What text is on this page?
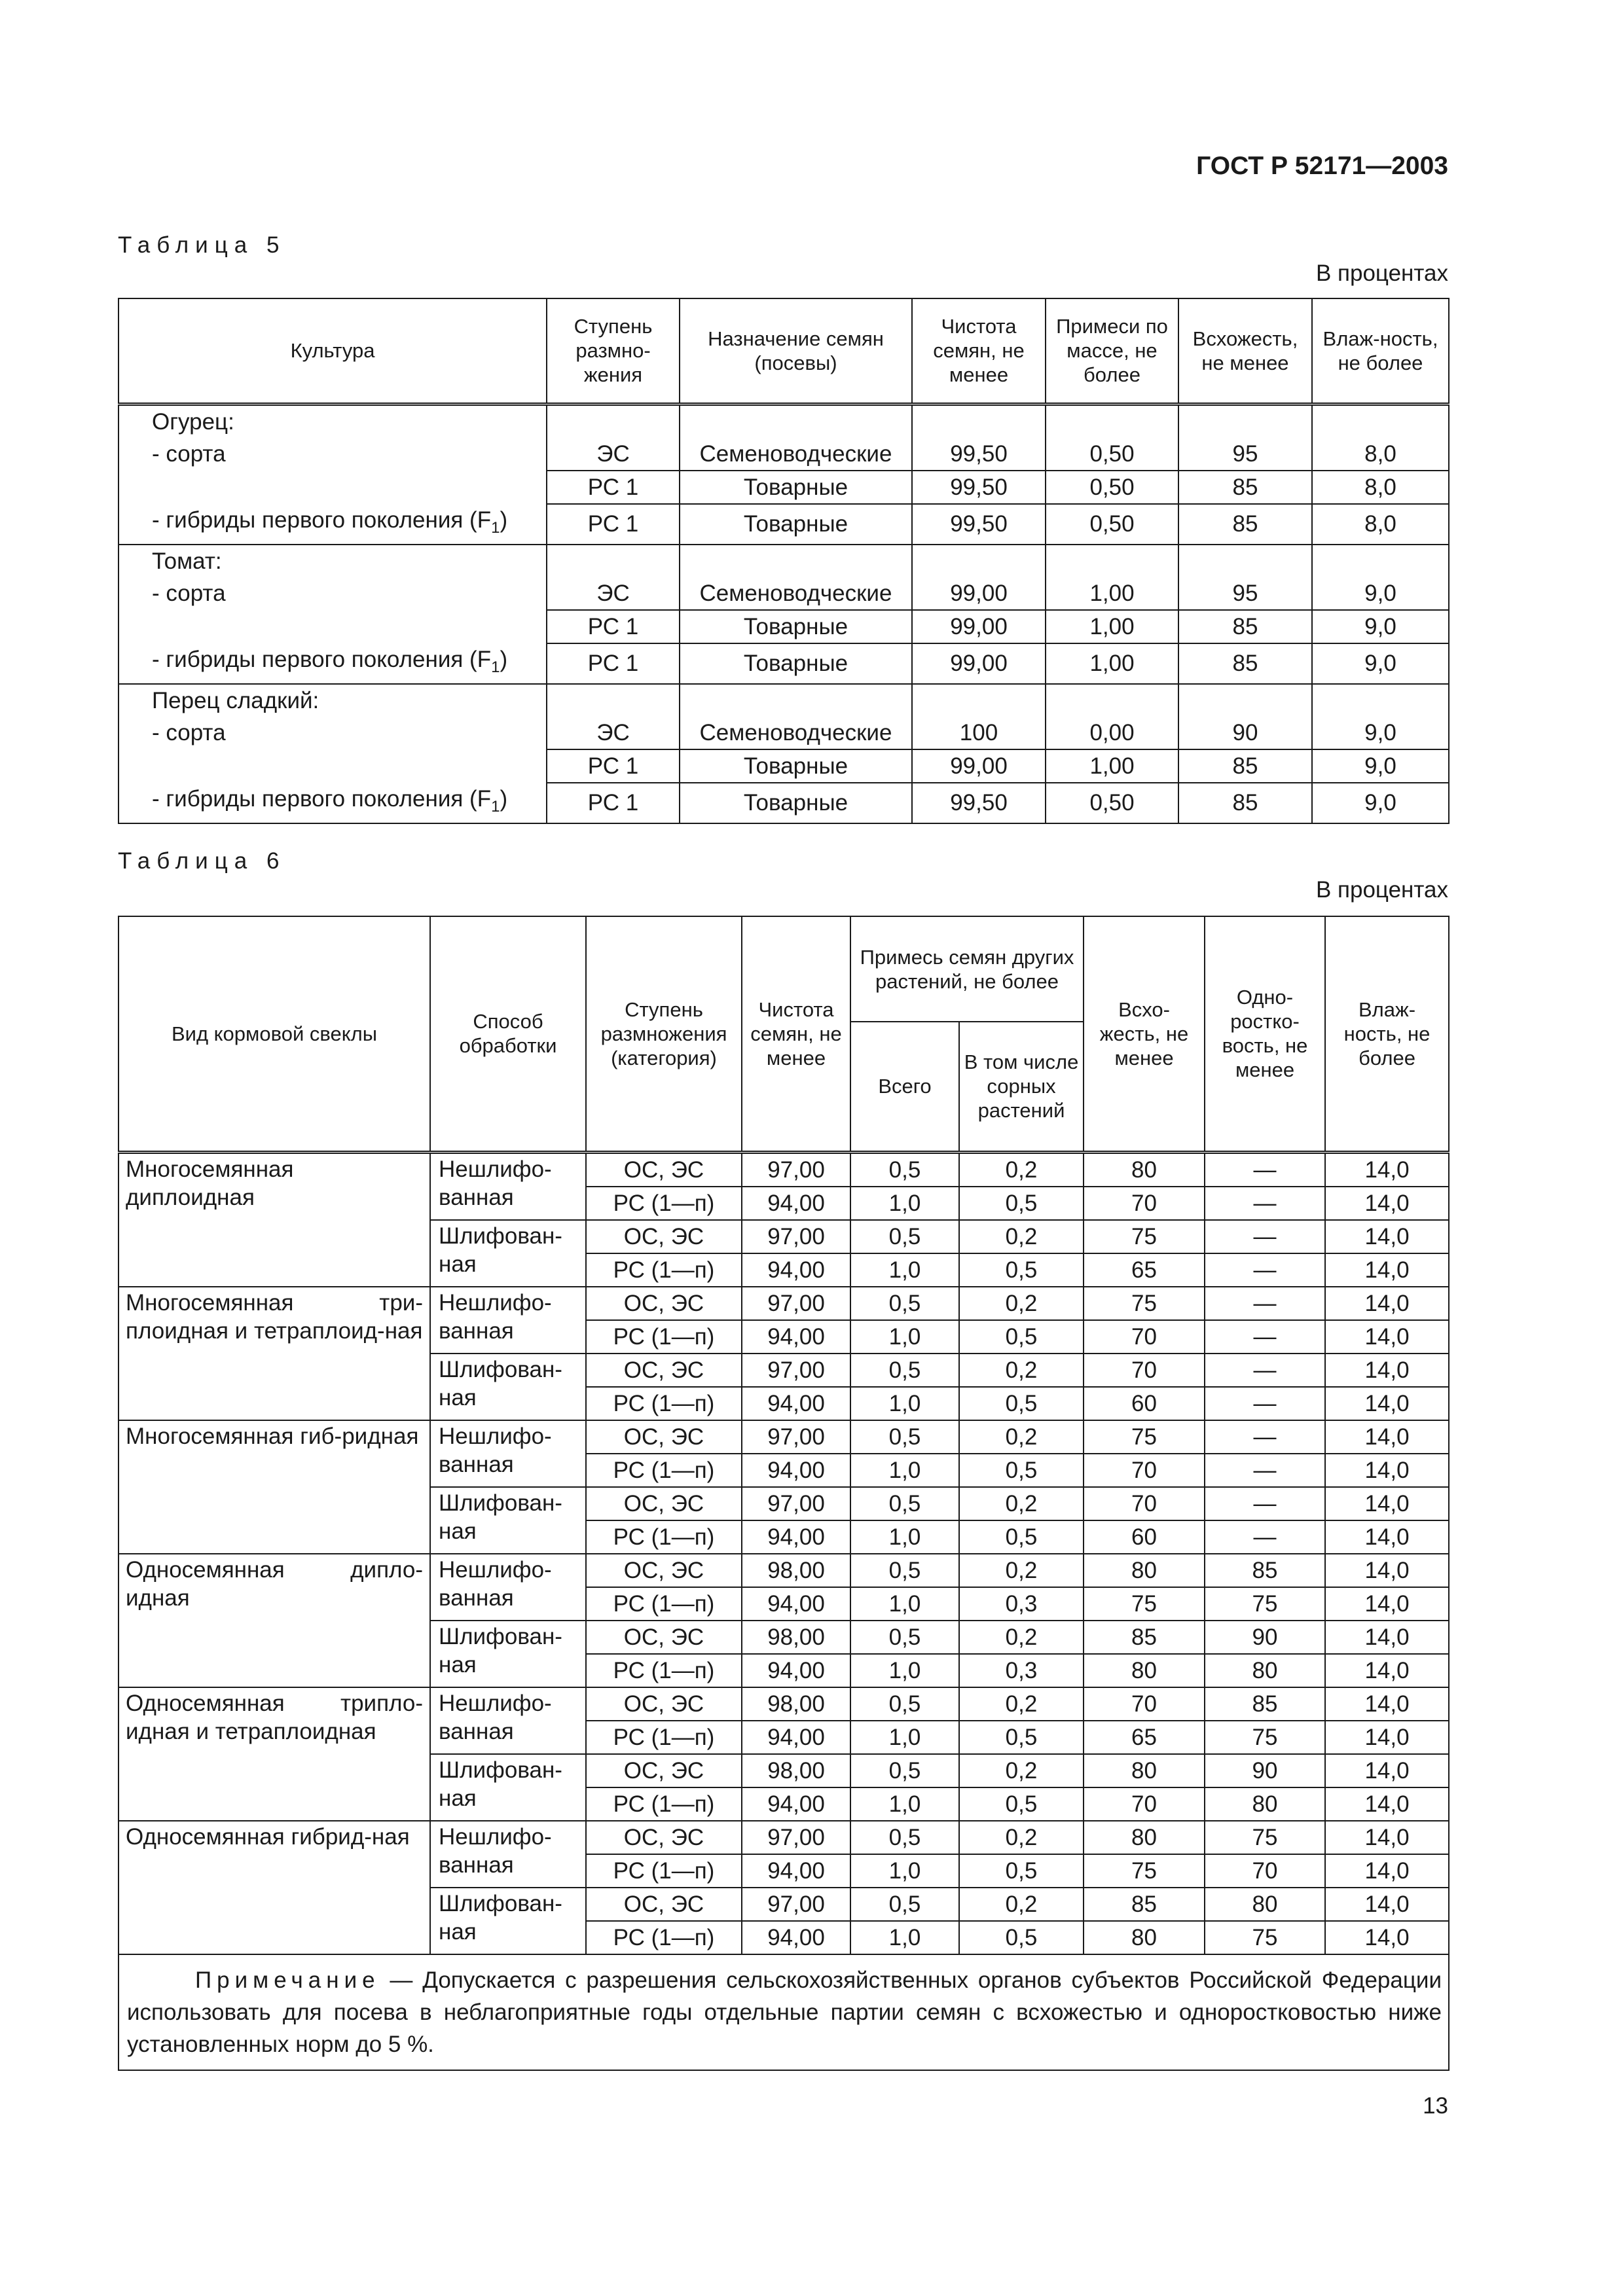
ГОСТ Р 52171—2003
Таблица 5
В процентах
Культура	Ступень размно-жения	Назначение семян (посевы)	Чистота семян, не менее	Примеси по массе, не более	Всхожесть, не менее	Влаж-ность, не более
Огурец:						
- сорта	ЭС	Семеноводческие	99,50	0,50	95	8,0
	РС 1	Товарные	99,50	0,50	85	8,0
- гибриды первого поколения $(F_1)$	РС 1	Товарные	99,50	0,50	85	8,0
Томат:						
- сорта	ЭС	Семеноводческие	99,00	1,00	95	9,0
	РС 1	Товарные	99,00	1,00	85	9,0
- гибриды первого поколения $(F_1)$	РС 1	Товарные	99,00	1,00	85	9,0
Перец сладкий:						
- сорта	ЭС	Семеноводческие	100	0,00	90	9,0
	РС 1	Товарные	99,00	1,00	85	9,0
- гибриды первого поколения $(F_1)$	РС 1	Товарные	99,50	0,50	85	9,0
Таблица 6
В процентах
Вид кормовой свеклы	Способ обработки	Ступень размножения (категория)	Чистота семян, не менее	Примесь семян других растений, не более		Всхо-жесть, не менее	Одно-ростко-вость, не менее	Влаж-ность, не более
				Всего	В том числе сорных растений			
Многосемянная диплоидная	Нешлифо-ванная	ОС, ЭС	97,00	0,5	0,2	80	—	14,0
		РС (1—п)	94,00	1,0	0,5	70	—	14,0
	Шлифован-ная	ОС, ЭС	97,00	0,5	0,2	75	—	14,0
		РС (1—п)	94,00	1,0	0,5	65	—	14,0
Многосемянная три-плоидная и тетраплоид-ная	Нешлифо-ванная	ОС, ЭС	97,00	0,5	0,2	75	—	14,0
		РС (1—п)	94,00	1,0	0,5	70	—	14,0
	Шлифован-ная	ОС, ЭС	97,00	0,5	0,2	70	—	14,0
		РС (1—п)	94,00	1,0	0,5	60	—	14,0
Многосемянная гиб-ридная	Нешлифо-ванная	ОС, ЭС	97,00	0,5	0,2	75	—	14,0
		РС (1—п)	94,00	1,0	0,5	70	—	14,0
	Шлифован-ная	ОС, ЭС	97,00	0,5	0,2	70	—	14,0
		РС (1—п)	94,00	1,0	0,5	60	—	14,0
Односемянная дипло-идная	Нешлифо-ванная	ОС, ЭС	98,00	0,5	0,2	80	85	14,0
		РС (1—п)	94,00	1,0	0,3	75	75	14,0
	Шлифован-ная	ОС, ЭС	98,00	0,5	0,2	85	90	14,0
		РС (1—п)	94,00	1,0	0,3	80	80	14,0
Односемянная трипло-идная и тетраплоидная	Нешлифо-ванная	ОС, ЭС	98,00	0,5	0,2	70	85	14,0
		РС (1—п)	94,00	1,0	0,5	65	75	14,0
	Шлифован-ная	ОС, ЭС	98,00	0,5	0,2	80	90	14,0
		РС (1—п)	94,00	1,0	0,5	70	80	14,0
Односемянная гибрид-ная	Нешлифо-ванная	ОС, ЭС	97,00	0,5	0,2	80	75	14,0
		РС (1—п)	94,00	1,0	0,5	75	70	14,0
	Шлифован-ная	ОС, ЭС	97,00	0,5	0,2	85	80	14,0
		РС (1—п)	94,00	1,0	0,5	80	75	14,0
Примечание — Допускается с разрешения сельскохозяйственных органов субъектов Российской Федерации использовать для посева в неблагоприятные годы отдельные партии семян с всхожестью и одноростковостью ниже установленных норм до 5 %.								
13
